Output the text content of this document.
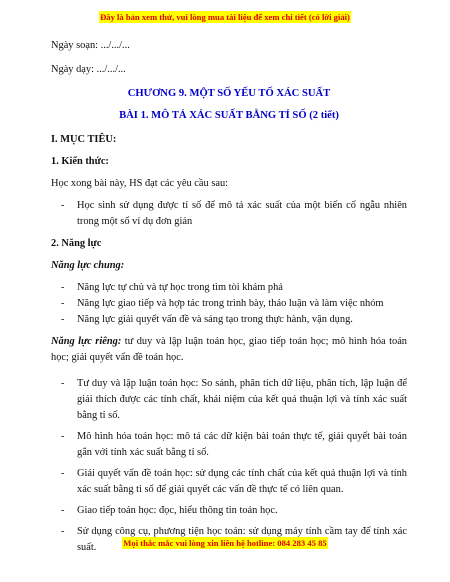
Đây là bản xem thử, vui lòng mua tài liệu để xem chi tiết (có lời giải)

Ngày soạn: .../.../...

Ngày dạy: .../.../...

CHƯƠNG 9. MỘT SỐ YẾU TỐ XÁC SUẤT

BÀI 1. MÔ TẢ XÁC SUẤT BẰNG TỈ SỐ (2 tiết)

I. MỤC TIÊU:

1. Kiến thức:

Học xong bài này, HS đạt các yêu cầu sau:

- Học sinh sử dụng được tỉ số để mô tả xác suất của một biến cố ngẫu nhiên trong một số ví dụ đơn giản

2. Năng lực

Năng lực chung:

- Năng lực tự chủ và tự học trong tìm tòi khám phá
- Năng lực giao tiếp và hợp tác trong trình bày, thảo luận và làm việc nhóm
- Năng lực giải quyết vấn đề và sáng tạo trong thực hành, vận dụng.

Năng lực riêng: tư duy và lập luận toán học, giao tiếp toán học; mô hình hóa toán học; giải quyết vấn đề toán học.

- Tư duy và lập luận toán học: So sánh, phân tích dữ liệu, phân tích, lập luận để giải thích được các tính chất, khái niệm của kết quả thuận lợi và tính xác suất bằng tỉ số.
- Mô hình hóa toán học: mô tả các dữ kiện bài toán thực tế, giải quyết bài toán gắn với tính xác suất bằng tỉ số.
- Giải quyết vấn đề toán học: sử dụng các tính chất của kết quả thuận lợi và tính xác suất bằng tỉ số để giải quyết các vấn đề thực tế có liên quan.
- Giao tiếp toán học: đọc, hiểu thông tin toán học.
- Sử dụng công cụ, phương tiện học toán: sử dụng máy tính cầm tay để tính xác suất.	Mọi thắc mắc vui lòng xin liên hệ hotline: 084 283 45 85
